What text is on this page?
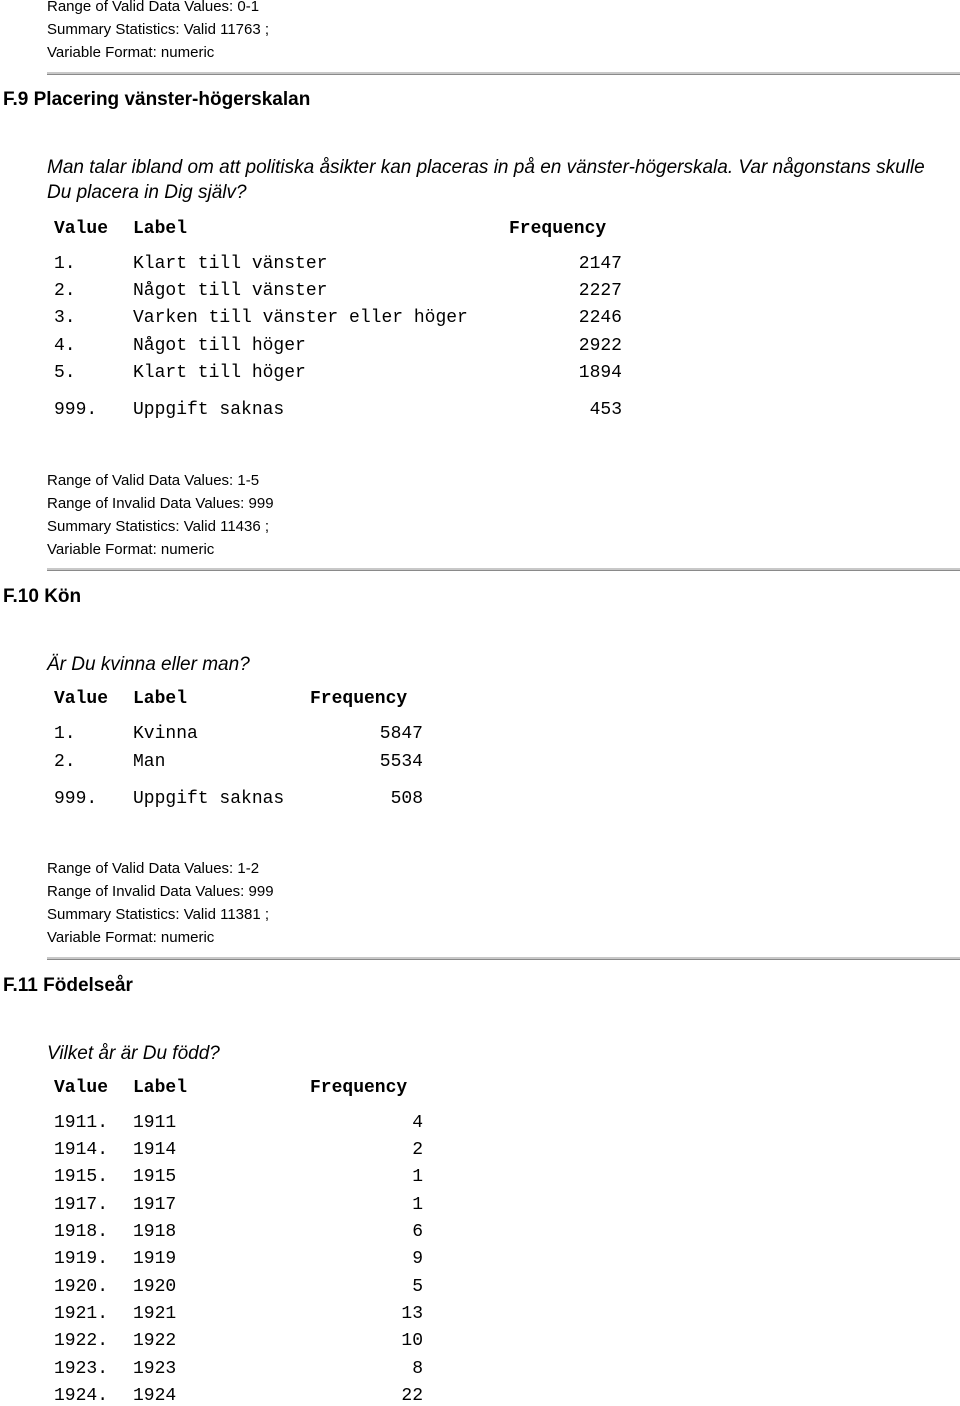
Range of Valid Data Values: 0-1
Summary Statistics: Valid 11763 ;
Variable Format: numeric
F.9 Placering vänster-högerskalan
Man talar ibland om att politiska åsikter kan placeras in på en vänster-högerskala. Var någonstans skulle
Du placera in Dig själv?
Value Label	Frequency
1.	Klart till vänster	2147
2.	Något till vänster	2227
3.	Varken till vänster eller höger	2246
4.	Något till höger	2922
5.	Klart till höger	1894
999. Uppgift saknas	453
Range of Valid Data Values: 1-5
Range of Invalid Data Values: 999
Summary Statistics: Valid 11436 ;
Variable Format: numeric
F.10 Kön
Är Du kvinna eller man?
Value Label	Frequency
1.	Kvinna	5847
2.	Man	5534
999. Uppgift saknas	508
Range of Valid Data Values: 1-2
Range of Invalid Data Values: 999
Summary Statistics: Valid 11381 ;
Variable Format: numeric
F.11 Födelseår
Vilket år är Du född?
Value Label	Frequency
1911. 1911	4
1914. 1914	2
1915. 1915	1
1917. 1917	1
1918. 1918	6
1919. 1919	9
1920. 1920	5
1921. 1921	13
1922. 1922	10
1923. 1923	8
1924. 1924	22
